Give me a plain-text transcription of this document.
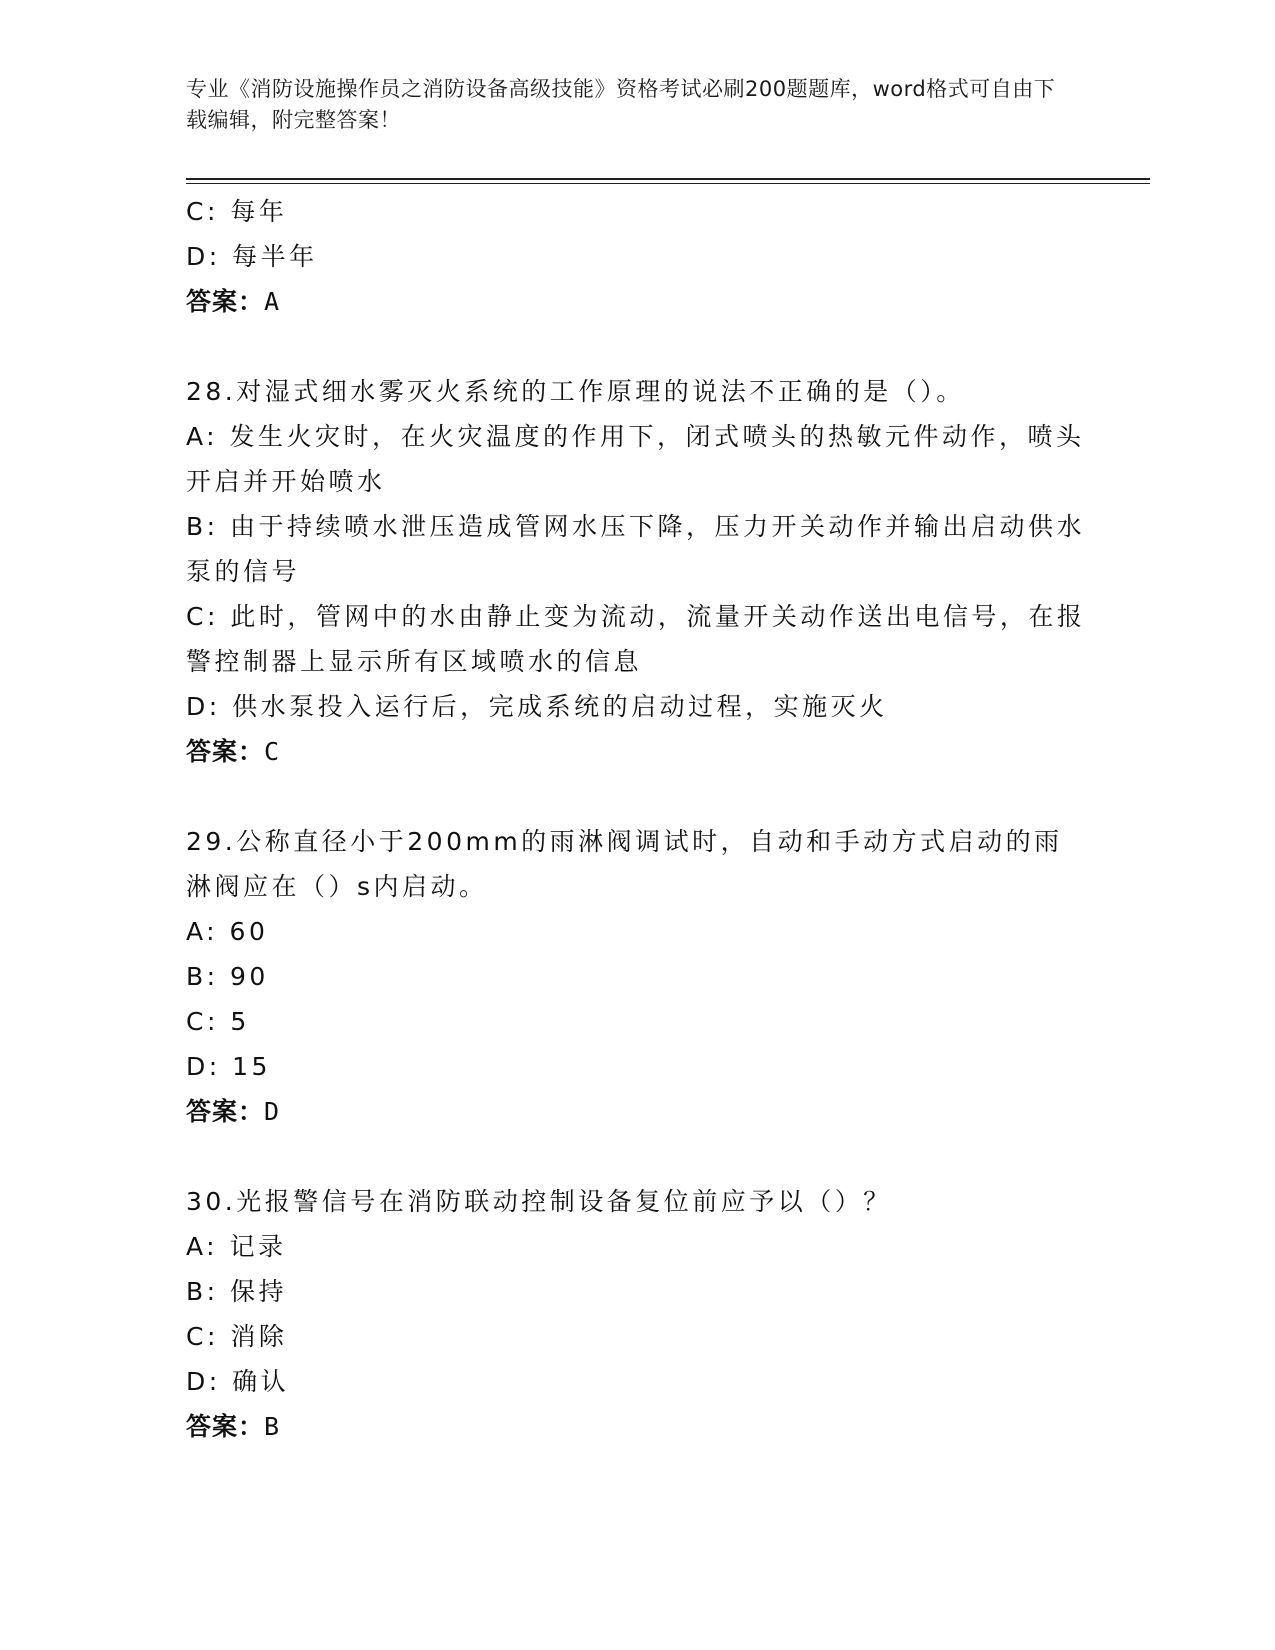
专业《消防设施操作员之消防设备高级技能》资格考试必刷200题题库，word格式可自由下载编辑，附完整答案！

C: 每年

D: 每半年

答案：A

28.对湿式细水雾灭火系统的工作原理的说法不正确的是（）。

A: 发生火灾时，在火灾温度的作用下，闭式喷头的热敏元件动作，喷头开启并开始喷水

B: 由于持续喷水泄压造成管网水压下降，压力开关动作并输出启动供水泵的信号

C: 此时，管网中的水由静止变为流动，流量开关动作送出电信号，在报警控制器上显示所有区域喷水的信息

D: 供水泵投入运行后，完成系统的启动过程，实施灭火

答案：C

29.公称直径小于200mm的雨淋阀调试时，自动和手动方式启动的雨淋阀应在（）s内启动。

A: 60

B: 90

C: 5

D: 15

答案：D

30.光报警信号在消防联动控制设备复位前应予以（）？

A: 记录

B: 保持

C: 消除

D: 确认

答案：B
